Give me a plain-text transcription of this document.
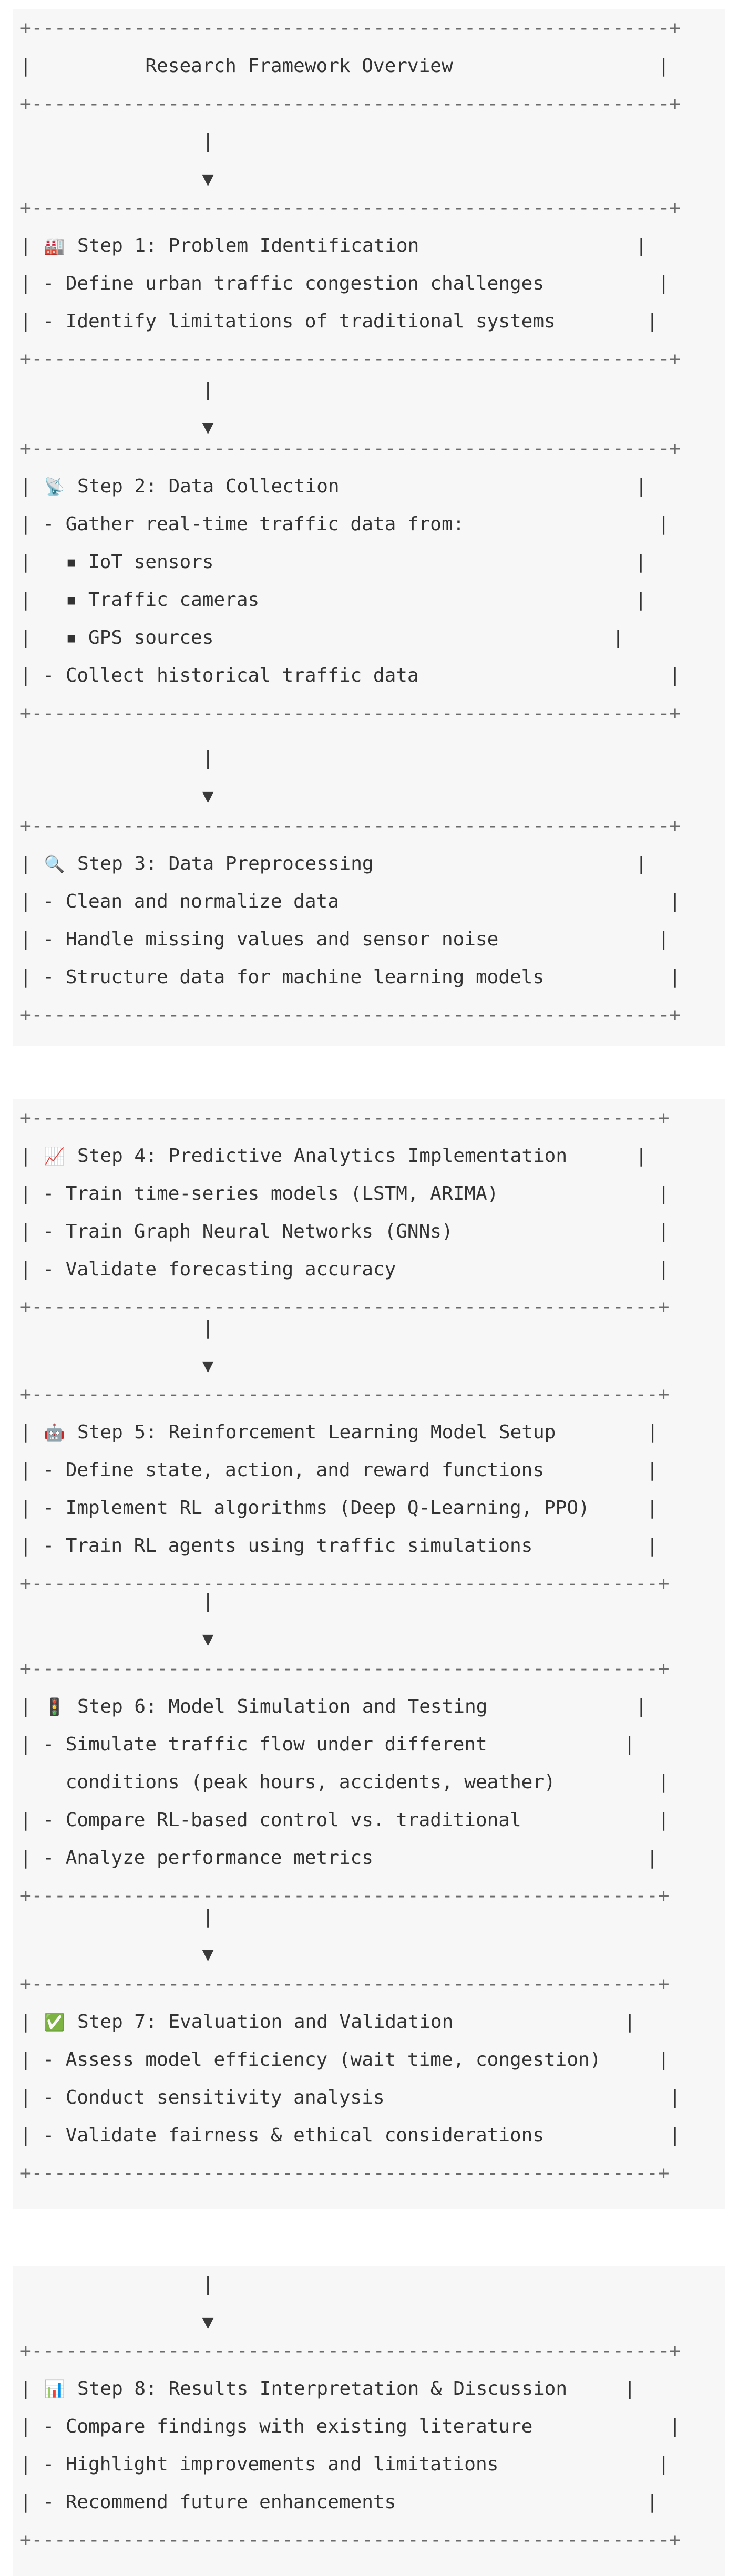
+--------------------------------------------------------+
|          Research Framework Overview                  |
+--------------------------------------------------------+
|
▼
+--------------------------------------------------------+
| 🏭 Step 1: Problem Identification                   |
| - Define urban traffic congestion challenges          |
| - Identify limitations of traditional systems        |
+--------------------------------------------------------+
|
▼
+--------------------------------------------------------+
| 📡 Step 2: Data Collection                          |
| - Gather real-time traffic data from:                 |
|   ▪ IoT sensors                                     |
|   ▪ Traffic cameras                                 |
|   ▪ GPS sources                                   |
| - Collect historical traffic data                      |
+--------------------------------------------------------+
|
▼
+--------------------------------------------------------+
| 🔍 Step 3: Data Preprocessing                       |
| - Clean and normalize data                             |
| - Handle missing values and sensor noise              |
| - Structure data for machine learning models           |
+--------------------------------------------------------+
+-------------------------------------------------------+
| 📈 Step 4: Predictive Analytics Implementation      |
| - Train time-series models (LSTM, ARIMA)              |
| - Train Graph Neural Networks (GNNs)                  |
| - Validate forecasting accuracy                       |
+-------------------------------------------------------+
|
▼
+-------------------------------------------------------+
| 🤖 Step 5: Reinforcement Learning Model Setup        |
| - Define state, action, and reward functions         |
| - Implement RL algorithms (Deep Q-Learning, PPO)     |
| - Train RL agents using traffic simulations          |
+-------------------------------------------------------+
|
▼
+-------------------------------------------------------+
| 🚦 Step 6: Model Simulation and Testing             |
| - Simulate traffic flow under different            |
conditions (peak hours, accidents, weather)         |
| - Compare RL-based control vs. traditional            |
| - Analyze performance metrics                        |
+-------------------------------------------------------+
|
▼
+-------------------------------------------------------+
| ✅ Step 7: Evaluation and Validation               |
| - Assess model efficiency (wait time, congestion)     |
| - Conduct sensitivity analysis                         |
| - Validate fairness & ethical considerations           |
+-------------------------------------------------------+
|
▼
+--------------------------------------------------------+
| 📊 Step 8: Results Interpretation & Discussion     |
| - Compare findings with existing literature            |
| - Highlight improvements and limitations              |
| - Recommend future enhancements                      |
+--------------------------------------------------------+
